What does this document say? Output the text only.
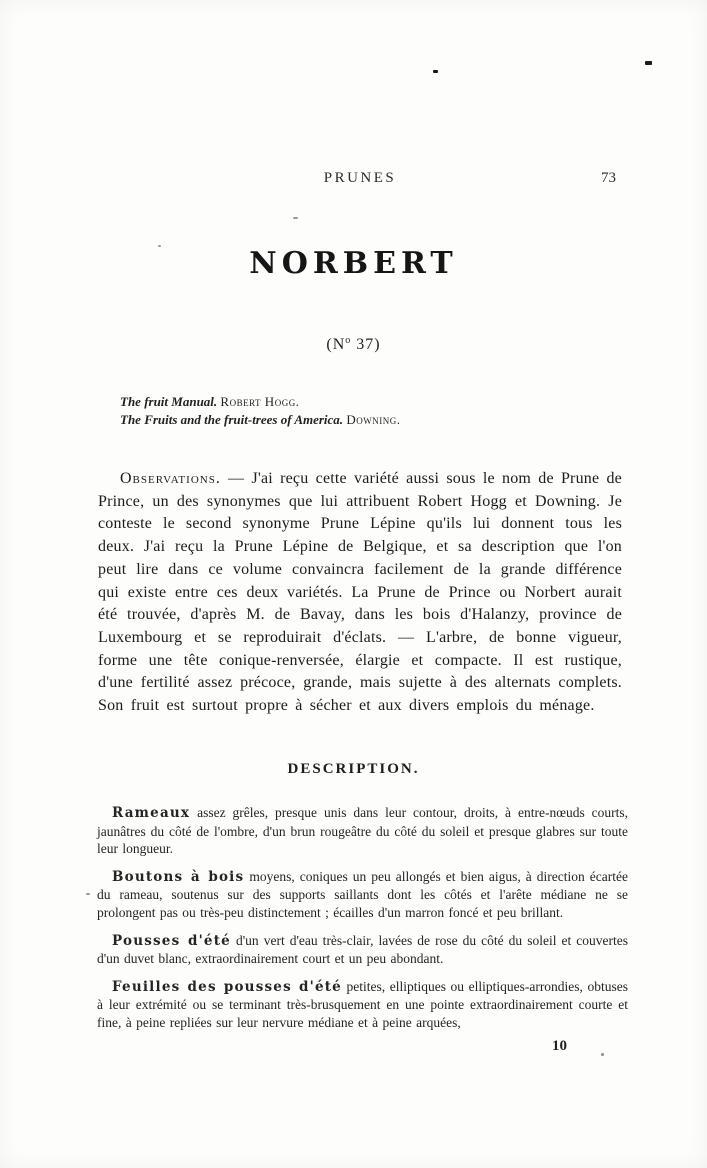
PRUNES	73
NORBERT
($N^o$ 37)
The fruit Manual. Robert Hogg.
The Fruits and the fruit-trees of America. Downing.

Observations. — J'ai reçu cette variété aussi sous le nom de Prune de Prince, un des synonymes que lui attribuent Robert Hogg et Downing. Je conteste le second synonyme Prune Lépine qu'ils lui donnent tous les deux. J'ai reçu la Prune Lépine de Belgique, et sa description que l'on peut lire dans ce volume convaincra facilement de la grande différence qui existe entre ces deux variétés. La Prune de Prince ou Norbert aurait été trouvée, d'après M. de Bavay, dans les bois d'Halanzy, province de Luxembourg et se reproduirait d'éclats. — L'arbre, de bonne vigueur, forme une tête conique-renversée, élargie et compacte. Il est rustique, d'une fertilité assez précoce, grande, mais sujette à des alternats complets. Son fruit est surtout propre à sécher et aux divers emplois du ménage.

DESCRIPTION.

Rameaux assez grêles, presque unis dans leur contour, droits, à entre-nœuds courts, jaunâtres du côté de l'ombre, d'un brun rougeâtre du côté du soleil et presque glabres sur toute leur longueur.

Boutons à bois moyens, coniques un peu allongés et bien aigus, à direction écartée du rameau, soutenus sur des supports saillants dont les côtés et l'arête médiane ne se prolongent pas ou très-peu distinctement ; écailles d'un marron foncé et peu brillant.

Pousses d'été d'un vert d'eau très-clair, lavées de rose du côté du soleil et couvertes d'un duvet blanc, extraordinairement court et un peu abondant.

Feuilles des pousses d'été petites, elliptiques ou elliptiques-arrondies, obtuses à leur extrémité ou se terminant très-brusquement en une pointe extraordinairement courte et fine, à peine repliées sur leur nervure médiane et à peine arquées,

10
